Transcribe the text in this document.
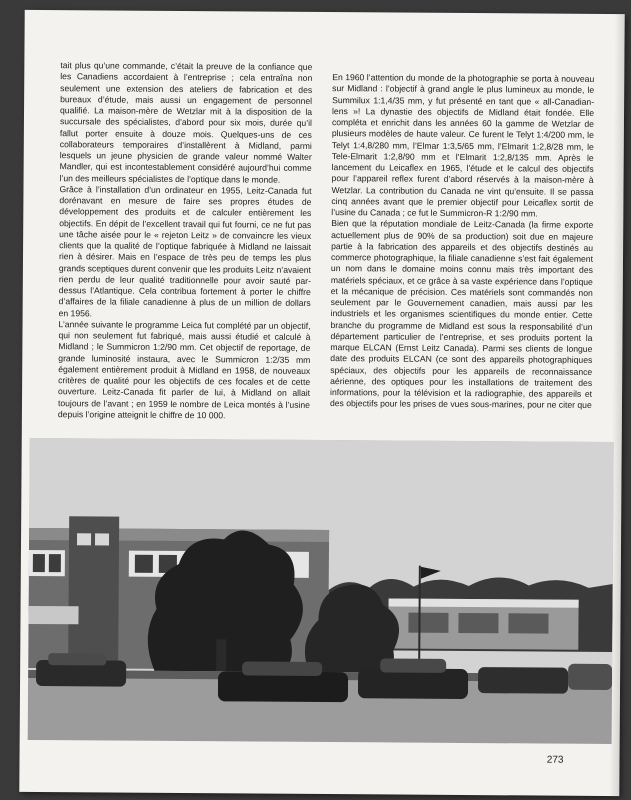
tait plus qu’une commande, c’était la preuve de la confiance que les Canadiens accordaient à l’entreprise ; cela entraîna non seulement une extension des ateliers de fabrication et des bureaux d’étude, mais aussi un engagement de personnel qualifié. La maison-mère de Wetzlar mit à la disposition de la succursale des spécialistes, d’abord pour six mois, durée qu’il fallut porter ensuite à douze mois. Quelques-uns de ces collaborateurs temporaires d’installèrent à Midland, parmi lesquels un jeune physicien de grande valeur nommé Walter Mandler, qui est incontestablement considéré aujourd’hui comme l’un des meilleurs spécialistes de l’optique dans le monde.

Grâce à l’installation d’un ordinateur en 1955, Leitz-Canada fut dorénavant en mesure de faire ses propres études de développement des produits et de calculer entièrement les objectifs. En dépit de l’excellent travail qui fut fourni, ce ne fut pas une tâche aisée pour le « rejeton Leitz » de convaincre les vieux clients que la qualité de l’optique fabriquée à Midland ne laissait rien à désirer. Mais en l’espace de très peu de temps les plus grands sceptiques durent convenir que les produits Leitz n’avaient rien perdu de leur qualité traditionnelle pour avoir sauté par-dessus l’Atlantique. Cela contribua fortement à porter le chiffre d’affaires de la filiale canadienne à plus de un million de dollars en 1956.

L’année suivante le programme Leica fut complété par un objectif, qui non seulement fut fabriqué, mais aussi étudié et calculé à Midland ; le Summicron 1:2/90 mm. Cet objectif de reportage, de grande luminosité instaura, avec le Summicron 1:2/35 mm également entièrement produit à Midland en 1958, de nouveaux critères de qualité pour les objectifs de ces focales et de cette ouverture. Leitz-Canada fit parler de lui, à Midland on allait toujours de l’avant ; en 1959 le nombre de Leica montés à l’usine depuis l’origine atteignit le chiffre de 10 000.

En 1960 l’attention du monde de la photographie se porta à nouveau sur Midland : l’objectif à grand angle le plus lumineux au monde, le Summilux 1:1,4/35 mm, y fut présenté en tant que « all-Canadian-lens »! La dynastie des objectifs de Midland était fondée. Elle compléta et enrichit dans les années 60 la gamme de Wetzlar de plusieurs modèles de haute valeur. Ce furent le Telyt 1:4/200 mm, le Telyt 1:4,8/280 mm, l’Elmar 1:3,5/65 mm, l’Elmarit 1:2,8/28 mm, le Tele-Elmarit 1:2,8/90 mm et l’Elmarit 1:2,8/135 mm. Après le lancement du Leicaflex en 1965, l’étude et le calcul des objectifs pour l’appareil reflex furent d’abord réservés à la maison-mère à Wetzlar. La contribution du Canada ne vint qu’ensuite. Il se passa cinq années avant que le premier objectif pour Leicaflex sortit de l’usine du Canada ; ce fut le Summicron-R 1:2/90 mm.

Bien que la réputation mondiale de Leitz-Canada (la firme exporte actuellement plus de 90% de sa production) soit due en majeure partie à la fabrication des appareils et des objectifs destinés au commerce photographique, la filiale canadienne s’est fait également un nom dans le domaine moins connu mais très important des matériels spéciaux, et ce grâce à sa vaste expérience dans l’optique et la mécanique de précision. Ces matériels sont commandés non seulement par le Gouvernement canadien, mais aussi par les industriels et les organismes scientifiques du monde entier. Cette branche du programme de Midland est sous la responsabilité d’un département particulier de l’entreprise, et ses produits portent la marque ELCAN (Ernst Leitz Canada). Parmi ses clients de longue date des produits ELCAN (ce sont des appareils photographiques spéciaux, des objectifs pour les appareils de reconnaissance aérienne, des optiques pour les installations de traitement des informations, pour la télévision et la radiographie, des appareils et des objectifs pour les prises de vues sous-marines, pour ne citer que

273
